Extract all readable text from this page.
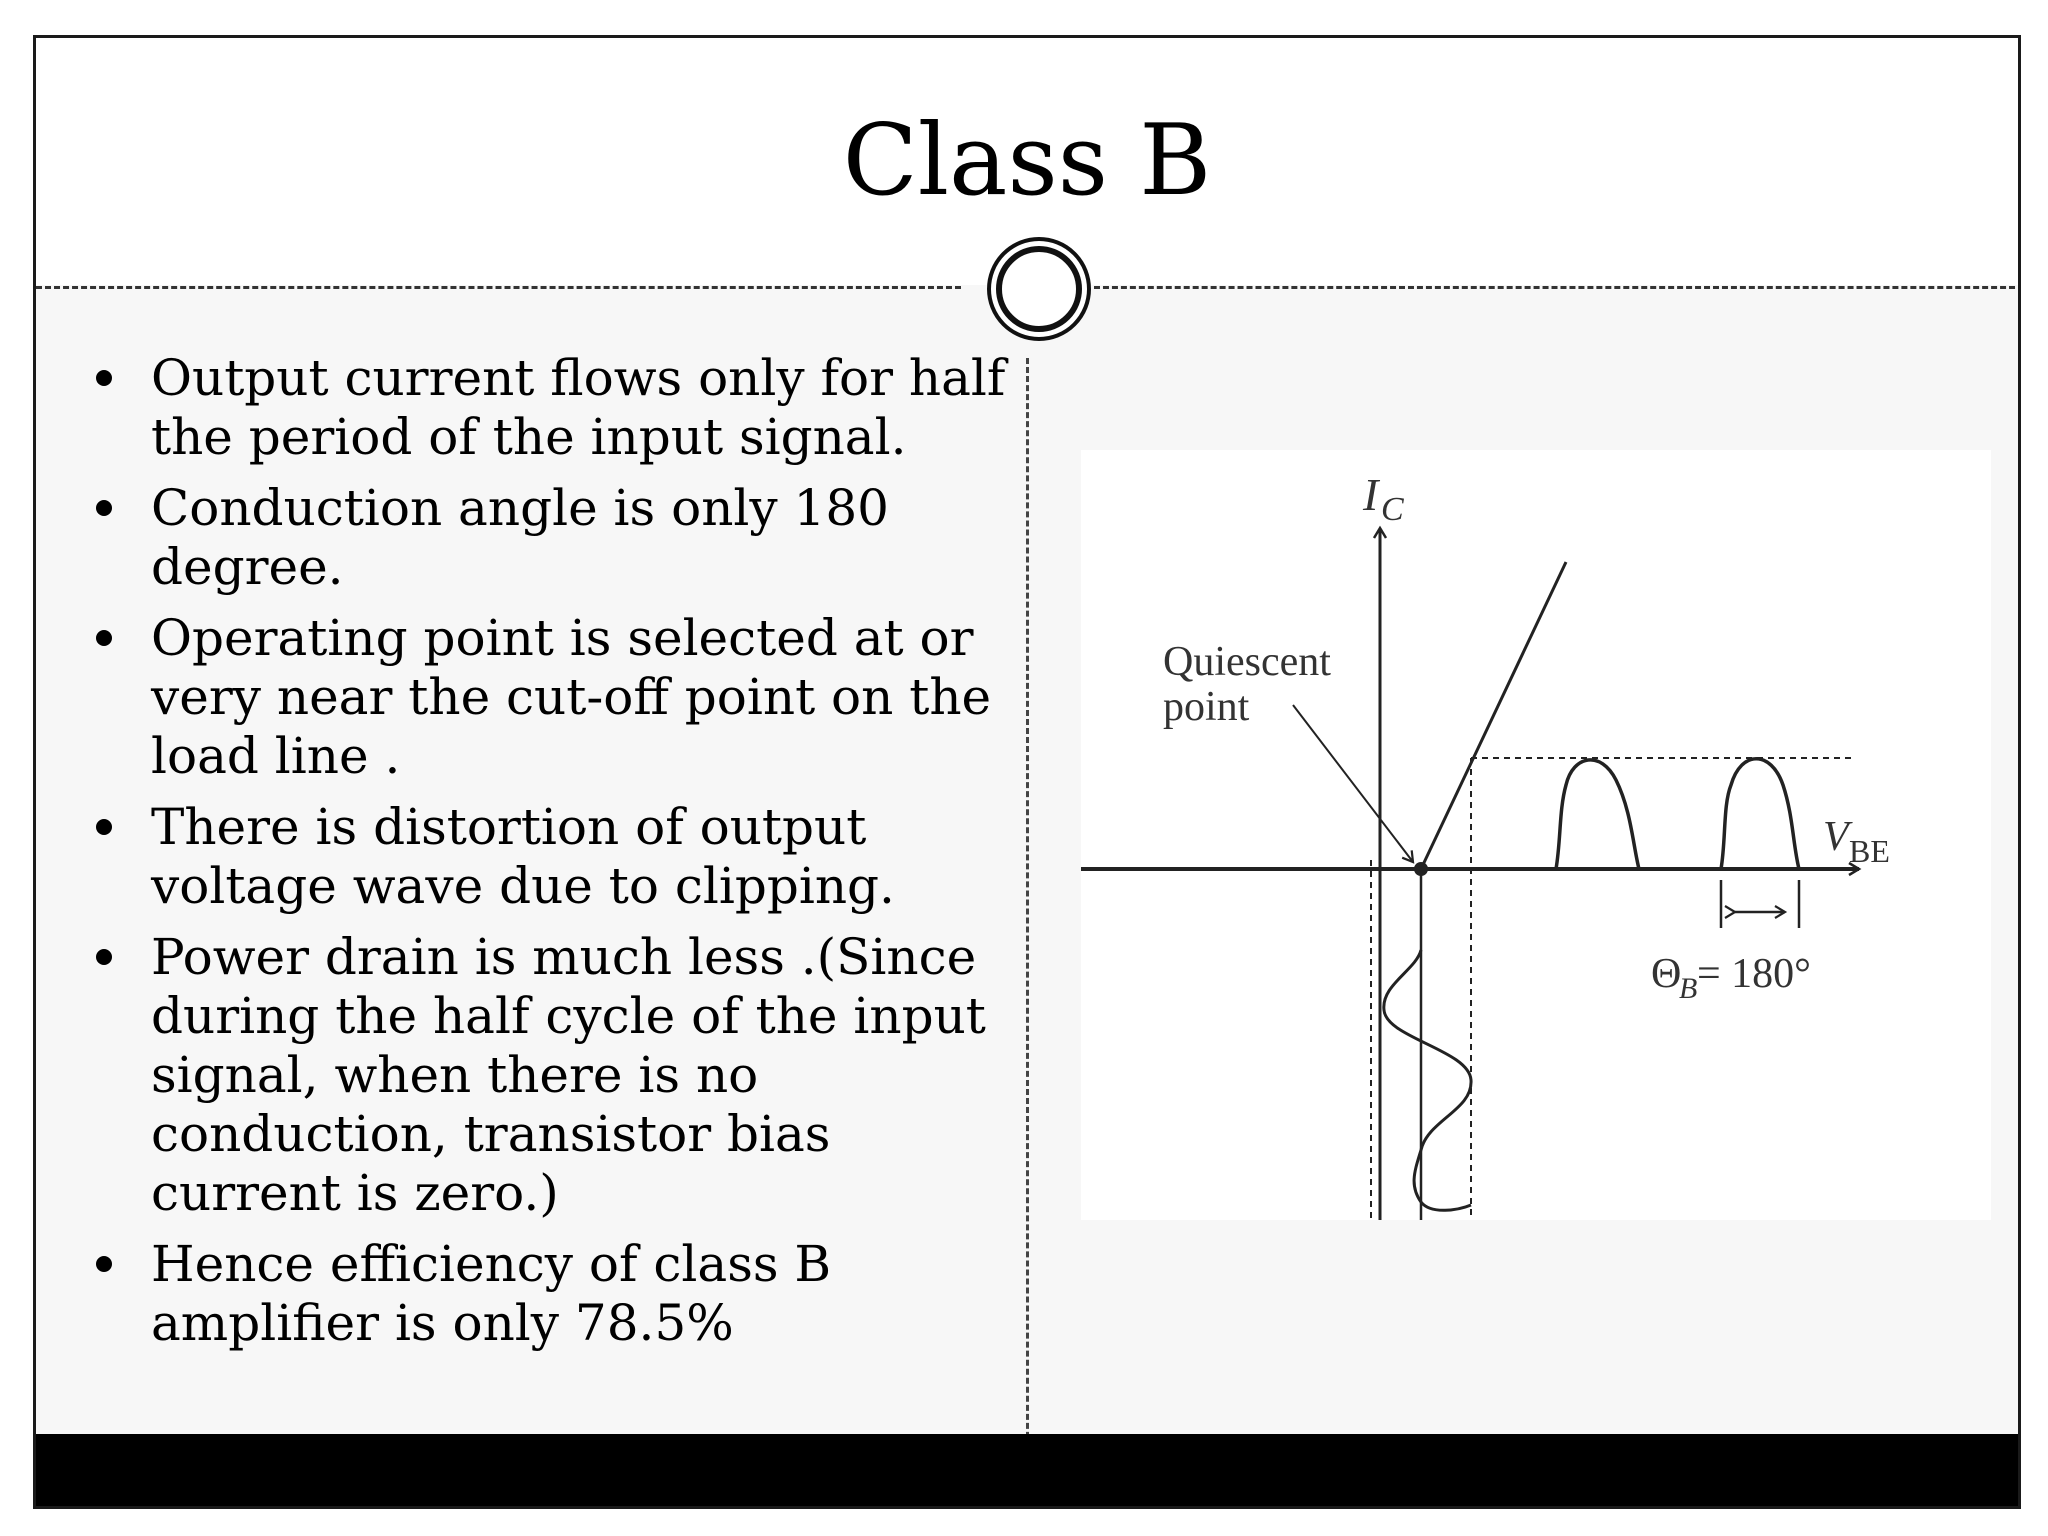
Class B
Output current flows only for half the period of the input signal.
Conduction angle is only 180 degree.
Operating point is selected at or very near the cut-off point on the load line .
There is distortion of output voltage wave due to clipping.
Power drain is much less .(Since during the half cycle of the input signal, when there is no conduction, transistor bias current is zero.)
Hence efficiency of class B amplifier is only 78.5%
I C
V BE
Quiescent
point
Θ
B = 180°
